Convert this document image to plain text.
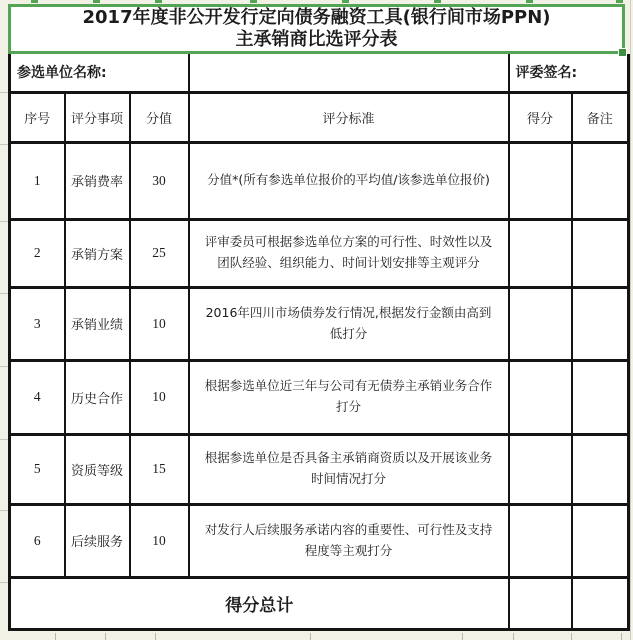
2017年度非公开发行定向债务融资工具(银行间市场PPN)
主承销商比选评分表
参选单位名称:				评委签名:	
序号	评分事项	分值	评分标准	得分	备注
1	承销费率	30	分值*(所有参选单位报价的平均值/该参选单位报价)		
2	承销方案	25	评审委员可根据参选单位方案的可行性、时效性以及团队经验、组织能力、时间计划安排等主观评分		
3	承销业绩	10	2016年四川市场债券发行情况,根据发行金额由高到低打分		
4	历史合作	10	根据参选单位近三年与公司有无债券主承销业务合作打分		
5	资质等级	15	根据参选单位是否具备主承销商资质以及开展该业务时间情况打分		
6	后续服务	10	对发行人后续服务承诺内容的重要性、可行性及支持程度等主观打分		
得分总计					
